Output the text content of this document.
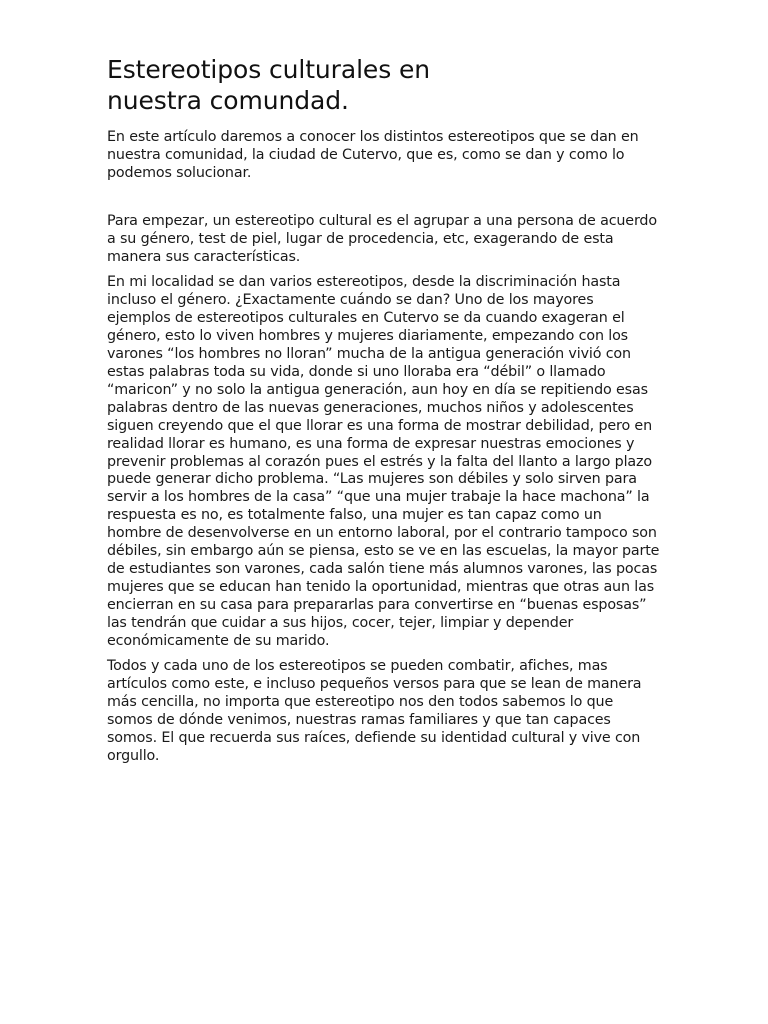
Estereotipos culturales en nuestra comundad.

En este artículo daremos a conocer los distintos estereotipos que se dan en nuestra comunidad, la ciudad de Cutervo, que es, como se dan y como lo podemos solucionar.

Para empezar, un estereotipo cultural es el agrupar a una persona de acuerdo a su género, test de piel, lugar de procedencia, etc, exagerando de esta manera sus características.

En mi localidad se dan varios estereotipos, desde la discriminación hasta incluso el género. ¿Exactamente cuándo se dan? Uno de los mayores ejemplos de estereotipos culturales en Cutervo se da cuando exageran el género, esto lo viven hombres y mujeres diariamente, empezando con los varones “los hombres no lloran” mucha de la antigua generación vivió con estas palabras toda su vida, donde si uno lloraba era “débil” o llamado “maricon” y no solo la antigua generación, aun hoy en día se repitiendo esas palabras dentro de las nuevas generaciones, muchos niños y adolescentes siguen creyendo que el que llorar es una forma de mostrar debilidad, pero en realidad llorar es humano, es una forma de expresar nuestras emociones y prevenir problemas al corazón pues el estrés y la falta del llanto a largo plazo puede generar dicho problema. “Las mujeres son débiles y solo sirven para servir a los hombres de la casa” “que una mujer trabaje la hace machona” la respuesta es no, es totalmente falso, una mujer es tan capaz como un hombre de desenvolverse en un entorno laboral, por el contrario tampoco son débiles, sin embargo aún se piensa, esto se ve en las escuelas, la mayor parte de estudiantes son varones, cada salón tiene más alumnos varones, las pocas mujeres que se educan han tenido la oportunidad, mientras que otras aun las encierran en su casa para prepararlas para convertirse en “buenas esposas” las tendrán que cuidar a sus hijos, cocer, tejer, limpiar y depender económicamente de su marido.

Todos y cada uno de los estereotipos se pueden combatir, afiches, mas artículos como este, e incluso pequeños versos para que se lean de manera más cencilla, no importa que estereotipo nos den todos sabemos lo que somos de dónde venimos, nuestras ramas familiares y que tan capaces somos. El que recuerda sus raíces, defiende su identidad cultural y vive con orgullo.
